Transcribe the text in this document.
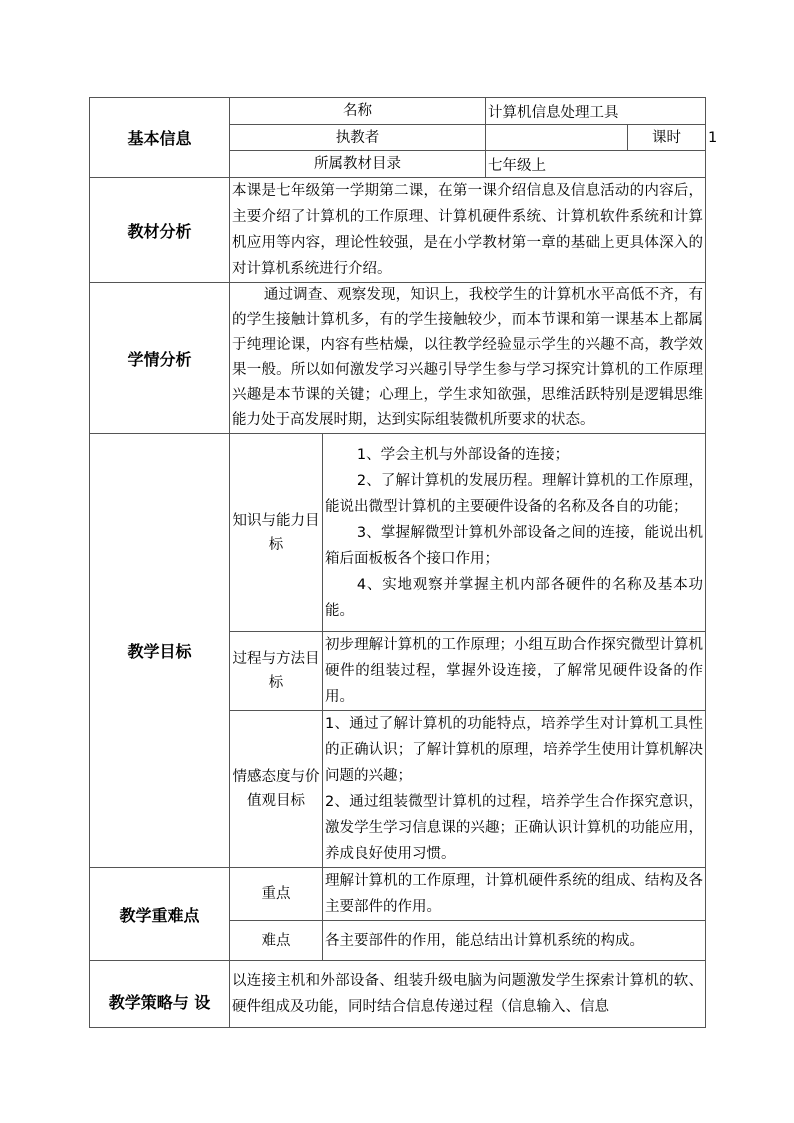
基本信息	名称		计算机信息处理工具		
	执教者			课时	1
	所属教材目录		七年级上		
教材分析	本课是七年级第一学期第二课，在第一课介绍信息及信息活动的内容后，主要介绍了计算机的工作原理、计算机硬件系统、计算机软件系统和计算机应用等内容，理论性较强，是在小学教材第一章的基础上更具体深入的对计算机系统进行介绍。				
学情分析	通过调查、观察发现，知识上，我校学生的计算机水平高低不齐，有的学生接触计算机多，有的学生接触较少，而本节课和第一课基本上都属于纯理论课，内容有些枯燥，以往教学经验显示学生的兴趣不高，教学效果一般。所以如何激发学习兴趣引导学生参与学习探究计算机的工作原理兴趣是本节课的关键；心理上，学生求知欲强，思维活跃特别是逻辑思维能力处于高发展时期，达到实际组装微机所要求的状态。				

教学目标	知识与能力目标	1、学会主机与外部设备的连接；

2、了解计算机的发展历程。理解计算机的工作原理，能说出微型计算机的主要硬件设备的名称及各自的功能；

3、掌握解微型计算机外部设备之间的连接，能说出机箱后面板板各个接口作用；

4、实地观察并掌握主机内部各硬件的名称及基本功能。			

	过程与方法目标	初步理解计算机的工作原理；小组互助合作探究微型计算机硬件的组装过程，掌握外设连接，了解常见硬件设备的作用。			
	情感态度与价值观目标	1、通过了解计算机的功能特点，培养学生对计算机工具性的正确认识；了解计算机的原理，培养学生使用计算机解决问题的兴趣；

2、通过组装微型计算机的过程，培养学生合作探究意识，激发学生学习信息课的兴趣；正确认识计算机的功能应用，养成良好使用习惯。			

教学重难点	重点	理解计算机的工作原理，计算机硬件系统的组成、结构及各主要部件的作用。			
	难点	各主要部件的作用，能总结出计算机系统的构成。			
教学策略与 设	以连接主机和外部设备、组装升级电脑为问题激发学生探索计算机的软、硬件组成及功能，同时结合信息传递过程（信息输入、信息				
